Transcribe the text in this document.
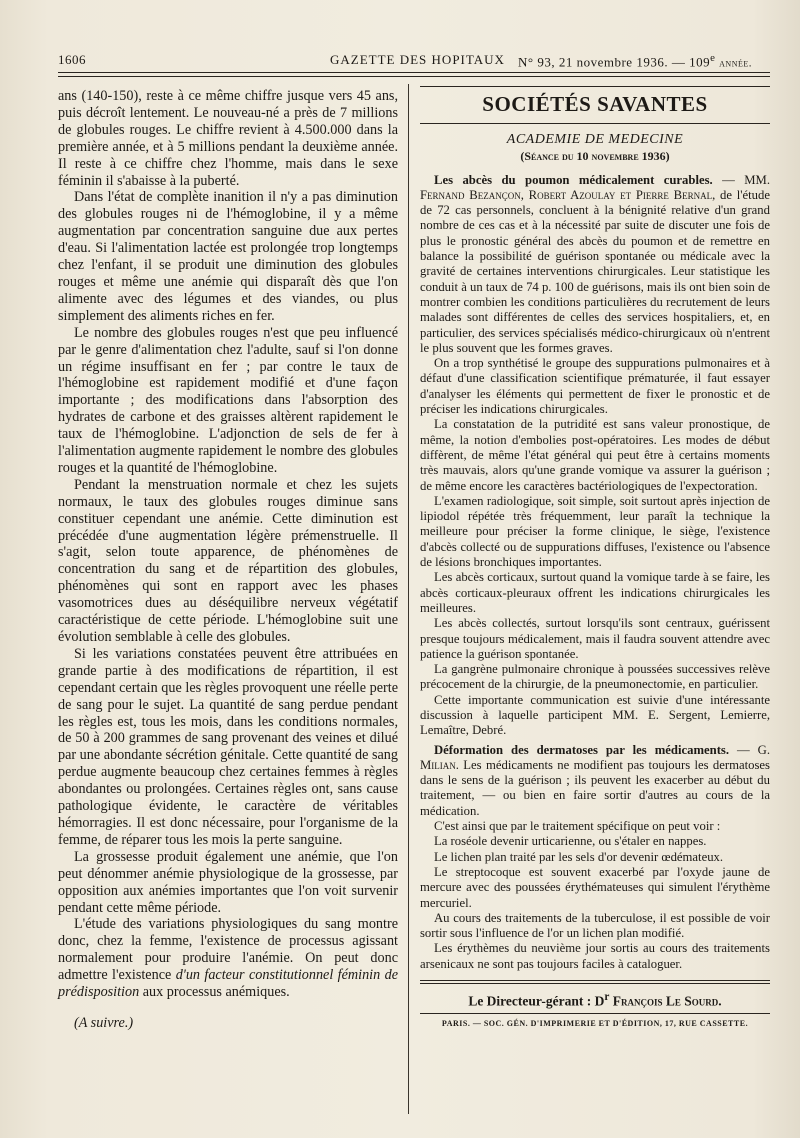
1606	GAZETTE DES HOPITAUX N° 93, 21 novembre 1936. — 109e année.

ans (140-150), reste à ce même chiffre jusque vers 45 ans, puis décroît lentement. Le nouveau-né a près de 7 millions de globules rouges. Le chiffre revient à 4.500.000 dans la première année, et à 5 millions pendant la deuxième année. Il reste à ce chiffre chez l'homme, mais dans le sexe féminin il s'abaisse à la puberté.

Dans l'état de complète inanition il n'y a pas diminution des globules rouges ni de l'hémoglobine, il y a même augmentation par concentration sanguine due aux pertes d'eau. Si l'alimentation lactée est prolongée trop longtemps chez l'enfant, il se produit une diminution des globules rouges et même une anémie qui disparaît dès que l'on alimente avec des légumes et des viandes, ou plus simplement des aliments riches en fer.

Le nombre des globules rouges n'est que peu influencé par le genre d'alimentation chez l'adulte, sauf si l'on donne un régime insuffisant en fer ; par contre le taux de l'hémoglobine est rapidement modifié et d'une façon importante ; des modifications dans l'absorption des hydrates de carbone et des graisses altèrent rapidement le taux de l'hémoglobine. L'adjonction de sels de fer à l'alimentation augmente rapidement le nombre des globules rouges et la quantité de l'hémoglobine.

Pendant la menstruation normale et chez les sujets normaux, le taux des globules rouges diminue sans constituer cependant une anémie. Cette diminution est précédée d'une augmentation légère prémenstruelle. Il s'agit, selon toute apparence, de phénomènes de concentration du sang et de répartition des globules, phénomènes qui sont en rapport avec les phases vasomotrices dues au déséquilibre nerveux végétatif caractéristique de cette période. L'hémoglobine suit une évolution semblable à celle des globules.

Si les variations constatées peuvent être attribuées en grande partie à des modifications de répartition, il est cependant certain que les règles provoquent une réelle perte de sang pour le sujet. La quantité de sang perdue pendant les règles est, tous les mois, dans les conditions normales, de 50 à 200 grammes de sang provenant des veines et dilué par une abondante sécrétion génitale. Cette quantité de sang perdue augmente beaucoup chez certaines femmes à règles abondantes ou prolongées. Certaines règles ont, sans cause pathologique évidente, le caractère de véritables hémorragies. Il est donc nécessaire, pour l'organisme de la femme, de réparer tous les mois la perte sanguine.

La grossesse produit également une anémie, que l'on peut dénommer anémie physiologique de la grossesse, par opposition aux anémies importantes que l'on voit survenir pendant cette même période.

L'étude des variations physiologiques du sang montre donc, chez la femme, l'existence de processus agissant normalement pour produire l'anémie. On peut donc admettre l'existence d'un facteur constitutionnel féminin de prédisposition aux processus anémiques.

(A suivre.)

SOCIÉTÉS SAVANTES
ACADEMIE DE MEDECINE
(Séance du 10 novembre 1936)

Les abcès du poumon médicalement curables. — MM. Fernand Bezançon, Robert Azoulay et Pierre Bernal, de l'étude de 72 cas personnels, concluent à la bénignité relative d'un grand nombre de ces cas et à la nécessité par suite de discuter une fois de plus le pronostic général des abcès du poumon et de remettre en balance la possibilité de guérison spontanée ou médicale avec la gravité de certaines interventions chirurgicales. Leur statistique les conduit à un taux de 74 p. 100 de guérisons, mais ils ont bien soin de montrer combien les conditions particulières du recrutement de leurs malades sont différentes de celles des services hospitaliers, et, en particulier, des services spécialisés médico-chirurgicaux où n'entrent le plus souvent que les formes graves.

On a trop synthétisé le groupe des suppurations pulmonaires et à défaut d'une classification scientifique prématurée, il faut essayer d'analyser les éléments qui permettent de fixer le pronostic et de préciser les indications chirurgicales.

La constatation de la putridité est sans valeur pronostique, de même, la notion d'embolies post-opératoires. Les modes de début diffèrent, de même l'état général qui peut être à certains moments très mauvais, alors qu'une grande vomique va assurer la guérison ; de même encore les caractères bactériologiques de l'expectoration.

L'examen radiologique, soit simple, soit surtout après injection de lipiodol répétée très fréquemment, leur paraît la technique la meilleure pour préciser la forme clinique, le siège, l'existence d'abcès collecté ou de suppurations diffuses, l'existence ou l'absence de lésions bronchiques importantes.

Les abcès corticaux, surtout quand la vomique tarde à se faire, les abcès corticaux-pleuraux offrent les indications chirurgicales les meilleures.

Les abcès collectés, surtout lorsqu'ils sont centraux, guérissent presque toujours médicalement, mais il faudra souvent attendre avec patience la guérison spontanée.

La gangrène pulmonaire chronique à poussées successives relève précocement de la chirurgie, de la pneumonectomie, en particulier.

Cette importante communication est suivie d'une intéressante discussion à laquelle participent MM. E. Sergent, Lemierre, Lemaître, Debré.

Déformation des dermatoses par les médicaments. — G. Milian. Les médicaments ne modifient pas toujours les dermatoses dans le sens de la guérison ; ils peuvent les exacerber au début du traitement, — ou bien en faire sortir d'autres au cours de la médication.

C'est ainsi que par le traitement spécifique on peut voir :

La roséole devenir urticarienne, ou s'étaler en nappes.

Le lichen plan traité par les sels d'or devenir œdémateux.

Le streptocoque est souvent exacerbé par l'oxyde jaune de mercure avec des poussées érythémateuses qui simulent l'érythème mercuriel.

Au cours des traitements de la tuberculose, il est possible de voir sortir sous l'influence de l'or un lichen plan modifié.

Les érythèmes du neuvième jour sortis au cours des traitements arsenicaux ne sont pas toujours faciles à cataloguer.

Le Directeur-gérant : $D^r$ François Le Sourd.
PARIS. — SOC. GÉN. D'IMPRIMERIE ET D'ÉDITION, 17, RUE CASSETTE.
